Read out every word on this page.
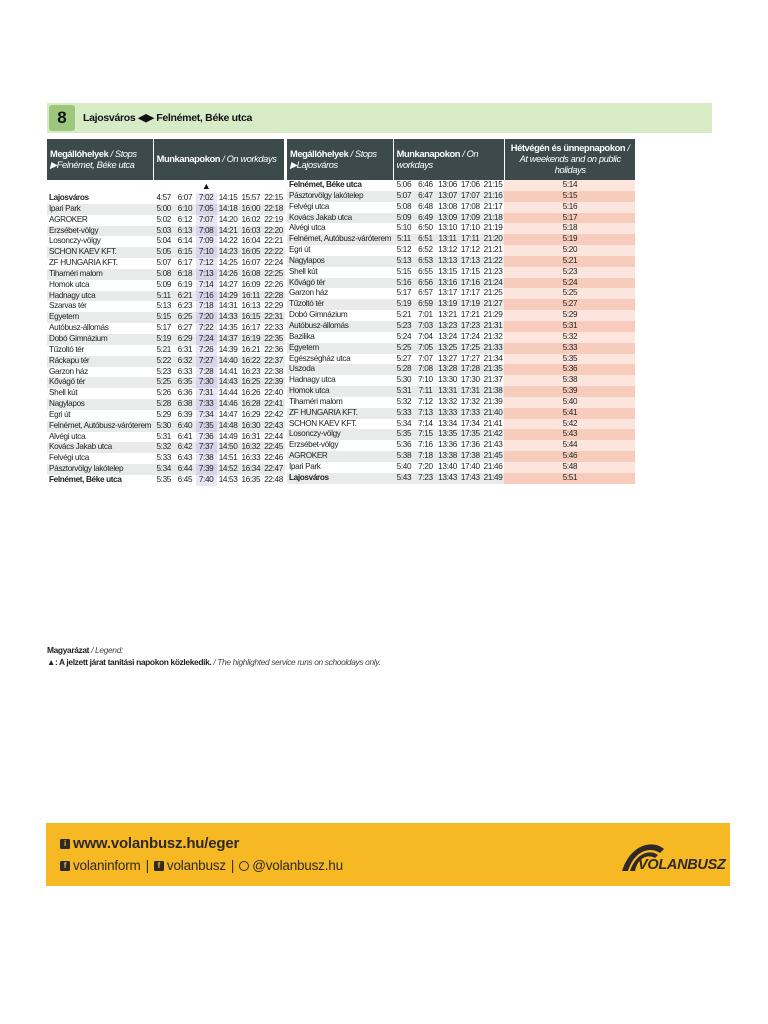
8	Lajosváros ◀▶ Felnémet, Béke utca
Megállóhelyek / Stops
▶Felnémet, Béke utca	Munkanapokon / On workdays					
			▲			
Lajosváros	4:57	6:07	7:02	14:15	15:57	22:15
Ipari Park	5:00	6:10	7:05	14:18	16:00	22:18
AGROKER	5:02	6:12	7:07	14:20	16:02	22:19
Erzsébet-völgy	5:03	6:13	7:08	14:21	16:03	22:20
Losonczy-völgy	5:04	6:14	7:09	14:22	16:04	22:21
SCHON KAEV KFT.	5:05	6:15	7:10	14:23	16:05	22:22
ZF HUNGARIA KFT.	5:07	6:17	7:12	14:25	16:07	22:24
Tihaméri malom	5:08	6:18	7:13	14:26	16:08	22:25
Homok utca	5:09	6:19	7:14	14:27	16:09	22:26
Hadnagy utca	5:11	6:21	7:16	14:29	16:11	22:28
Szarvas tér	5:13	6:23	7:18	14:31	16:13	22:29
Egyetem	5:15	6:25	7:20	14:33	16:15	22:31
Autóbusz-állomás	5:17	6:27	7:22	14:35	16:17	22:33
Dobó Gimnázium	5:19	6:29	7:24	14:37	16:19	22:35
Tűzoltó tér	5:21	6:31	7:26	14:39	16:21	22:36
Ráckapu tér	5:22	6:32	7:27	14:40	16:22	22:37
Garzon ház	5:23	6:33	7:28	14:41	16:23	22:38
Kővágó tér	5:25	6:35	7:30	14:43	16:25	22:39
Shell kút	5:26	6:36	7:31	14:44	16:26	22:40
Nagylapos	5:28	6:38	7:33	14:46	16:28	22:41
Egri út	5:29	6:39	7:34	14:47	16:29	22:42
Felnémet, Autóbusz-váróterem	5:30	6:40	7:35	14:48	16:30	22:43
Alvégi utca	5:31	6:41	7:36	14:49	16:31	22:44
Kovács Jakab utca	5:32	6:42	7:37	14:50	16:32	22:45
Felvégi utca	5:33	6:43	7:38	14:51	16:33	22:46
Pásztorvölgy lakótelep	5:34	6:44	7:39	14:52	16:34	22:47
Felnémet, Béke utca	5:35	6:45	7:40	14:53	16:35	22:48
Megállóhelyek / Stops
▶Lajosváros	Munkanapokon / On workdays					Hétvégén és ünnepnapokon / At weekends and on public holidays
Felnémet, Béke utca	5:06	6:46	13:06	17:06	21:15	5:14
Pásztorvölgy lakótelep	5:07	6:47	13:07	17:07	21:16	5:15
Felvégi utca	5:08	6:48	13:08	17:08	21:17	5:16
Kovács Jakab utca	5:09	6:49	13:09	17:09	21:18	5:17
Alvégi utca	5:10	6:50	13:10	17:10	21:19	5:18
Felnémet, Autóbusz-váróterem	5:11	6:51	13:11	17:11	21:20	5:19
Egri út	5:12	6:52	13:12	17:12	21:21	5:20
Nagylapos	5:13	6:53	13:13	17:13	21:22	5:21
Shell kút	5:15	6:55	13:15	17:15	21:23	5:23
Kővágó tér	5:16	6:56	13:16	17:16	21:24	5:24
Garzon ház	5:17	6:57	13:17	17:17	21:25	5:25
Tűzoltó tér	5:19	6:59	13:19	17:19	21:27	5:27
Dobó Gimnázium	5:21	7:01	13:21	17:21	21:29	5:29
Autóbusz-állomás	5:23	7:03	13:23	17:23	21:31	5:31
Bazilika	5:24	7:04	13:24	17:24	21:32	5:32
Egyetem	5:25	7:05	13:25	17:25	21:33	5:33
Egészségház utca	5:27	7:07	13:27	17:27	21:34	5:35
Uszoda	5:28	7:08	13:28	17:28	21:35	5:36
Hadnagy utca	5:30	7:10	13:30	17:30	21:37	5:38
Homok utca	5:31	7:11	13:31	17:31	21:38	5:39
Tihaméri malom	5:32	7:12	13:32	17:32	21:39	5:40
ZF HUNGARIA KFT.	5:33	7:13	13:33	17:33	21:40	5:41
SCHON KAEV KFT.	5:34	7:14	13:34	17:34	21:41	5:42
Losonczy-völgy	5:35	7:15	13:35	17:35	21:42	5:43
Erzsébet-völgy	5:36	7:16	13:36	17:36	21:43	5:44
AGROKER	5:38	7:18	13:38	17:38	21:45	5:46
Ipari Park	5:40	7:20	13:40	17:40	21:46	5:48
Lajosváros	5:43	7:23	13:43	17:43	21:49	5:51
Magyarázat / Legend:
▲: A jelzett járat tanítási napokon közlekedik. / The highlighted service runs on schooldays only.
i www.volanbusz.hu/eger
f volaninform |	f volanbusz | @volanbusz.hu	VOLANBUSZ
